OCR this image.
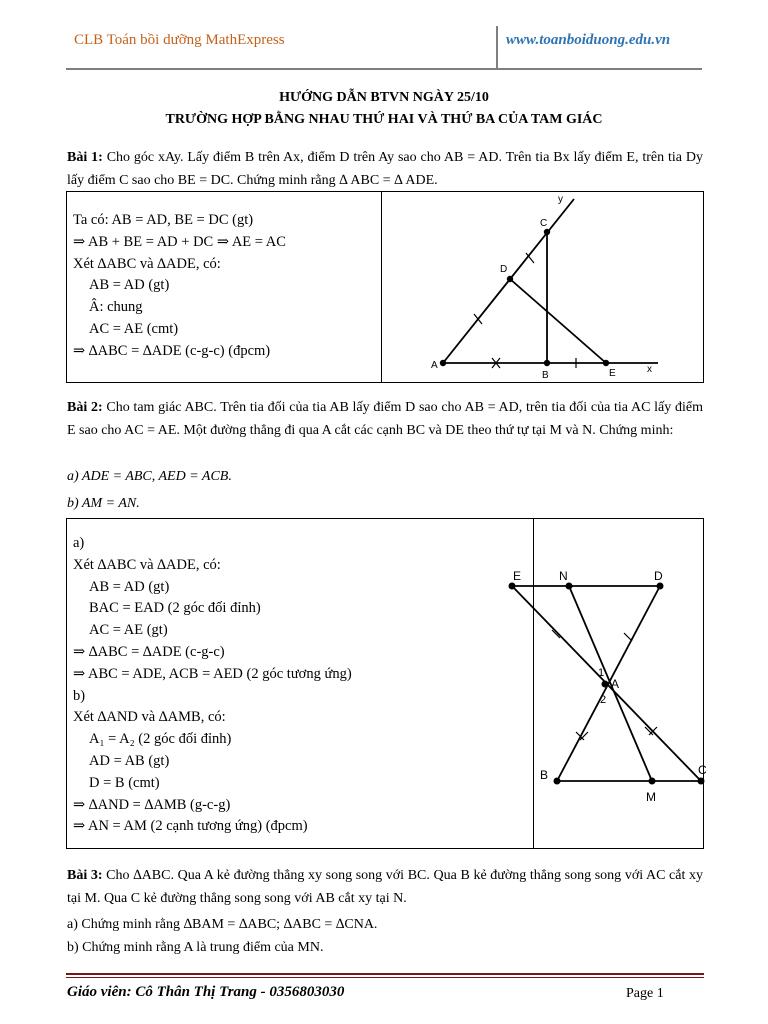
CLB Toán bồi dưỡng MathExpress	www.toanboiduong.edu.vn
HƯỚNG DẪN BTVN NGÀY 25/10
TRƯỜNG HỢP BẰNG NHAU THỨ HAI VÀ THỨ BA CỦA TAM GIÁC
Bài 1: Cho góc xAy. Lấy điểm B trên Ax, điểm D trên Ay sao cho AB = AD. Trên tia Bx lấy điểm E, trên tia Dy lấy điểm C sao cho BE = DC. Chứng minh rằng ∆ ABC = ∆ ADE.
Ta có: AB = AD, BE = DC (gt)
⇒ AB + BE = AD + DC ⇒ AE = AC
Xét ∆ABC và ∆ADE, có:
AB = AD (gt)
Â: chung
AC = AE (cmt)
⇒ ∆ABC = ∆ADE (c-g-c) (đpcm)
y
C
D
A
B	E	x
Bài 2: Cho tam giác ABC. Trên tia đối của tia AB lấy điểm D sao cho AB = AD, trên tia đối của tia AC lấy điểm E sao cho AC = AE. Một đường thẳng đi qua A cắt các cạnh BC và DE theo thứ tự tại M và N. Chứng minh:
a) ADE = ABC, AED = ACB.
b) AM = AN.
a)
Xét ∆ABC và ∆ADE, có:
AB = AD (gt)
BAC = EAD (2 góc đối đỉnh)
AC = AE (gt)
⇒ ∆ABC = ∆ADE (c-g-c)
⇒ ABC = ADE, ACB = AED (2 góc tương ứng)
b)
Xét ∆AND và ∆AMB, có:
A₁ = A₂ (2 góc đối đỉnh)
AD = AB (gt)
D = B (cmt)
⇒ ∆AND = ∆AMB (g-c-g)
⇒ AN = AM (2 cạnh tương ứng) (đpcm)
E	N	D
1
A
2
B
M
C
Bài 3: Cho ∆ABC. Qua A kẻ đường thẳng xy song song với BC. Qua B kẻ đường thẳng song song với AC cắt xy tại M. Qua C kẻ đường thẳng song song với AB cắt xy tại N.
a) Chứng minh rằng ∆BAM = ∆ABC; ∆ABC = ∆CNA.
b) Chứng minh rằng A là trung điểm của MN.
Giáo viên: Cô Thân Thị Trang - 0356803030	Page 1
